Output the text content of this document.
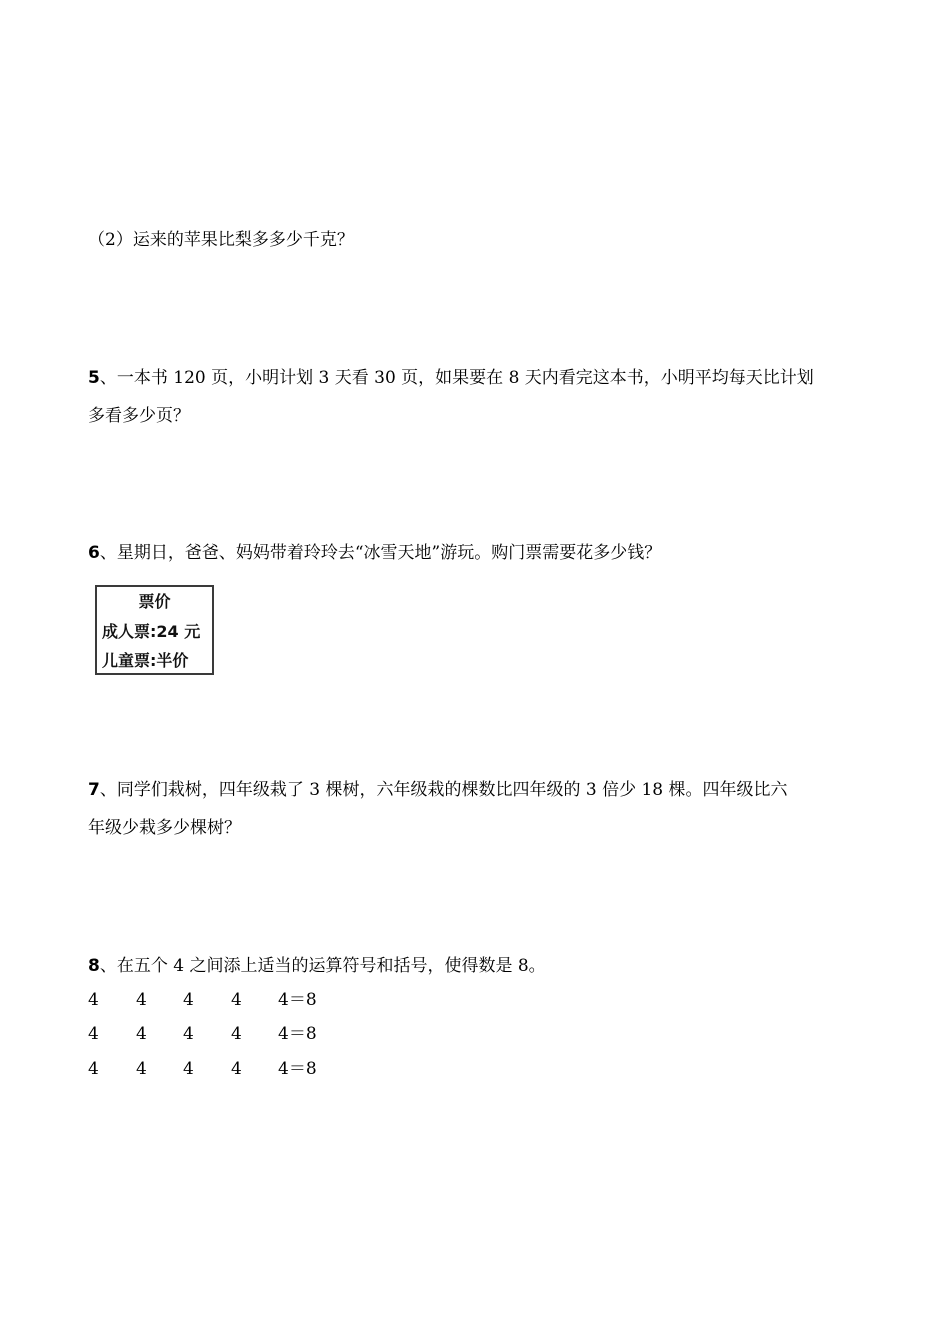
（2）运来的苹果比梨多多少千克？
5、一本书 120 页，小明计划 3 天看 30 页，如果要在 8 天内看完这本书，小明平均每天比计划
多看多少页？
6、星期日，爸爸、妈妈带着玲玲去“冰雪天地”游玩。购门票需要花多少钱？
票价
成人票:24 元
儿童票:半价
7、同学们栽树，四年级栽了 3 棵树，六年级栽的棵数比四年级的 3 倍少 18 棵。四年级比六
年级少栽多少棵树？
8、在五个 4 之间添上适当的运算符号和括号，使得数是 8。
4 4 4 4 4＝8
4 4 4 4 4＝8
4 4 4 4 4＝8
